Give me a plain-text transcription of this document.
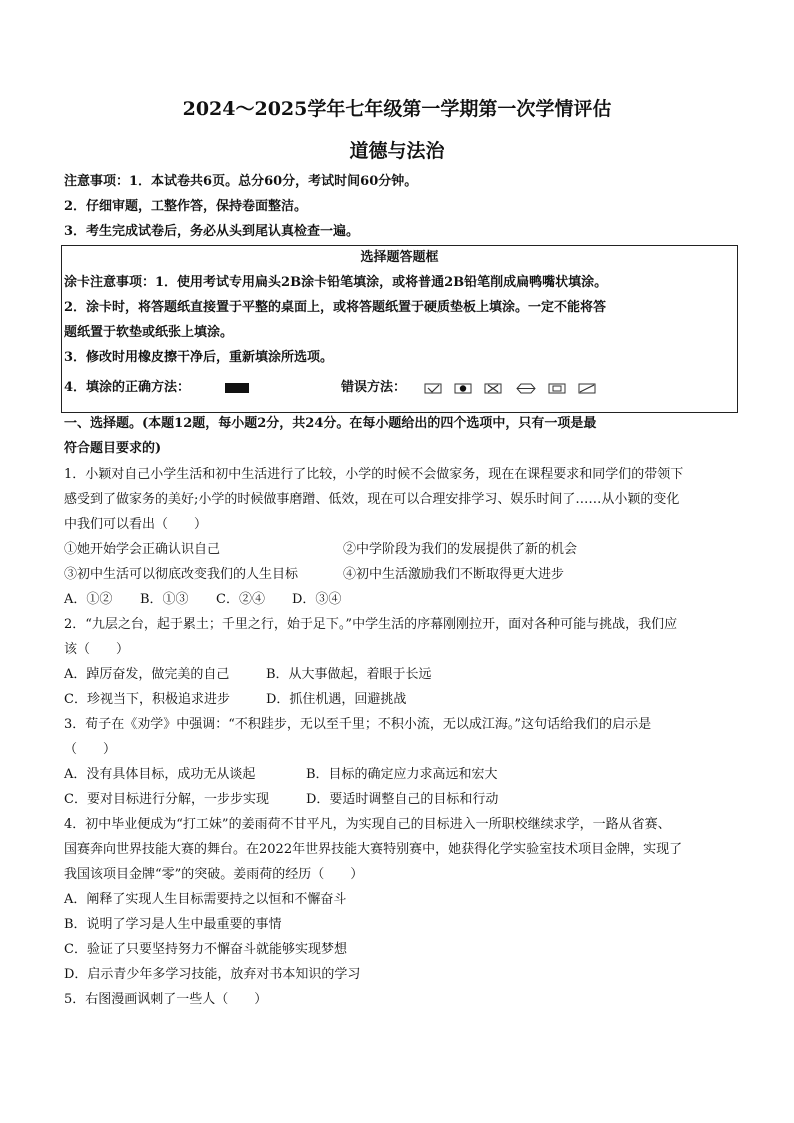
2024～2025学年七年级第一学期第一次学情评估
道德与法治
注意事项：1．本试卷共6页。总分60分，考试时间60分钟。
2．仔细审题，工整作答，保持卷面整洁。
3．考生完成试卷后，务必从头到尾认真检查一遍。
选择题答题框
涂卡注意事项：1．使用考试专用扁头2B涂卡铅笔填涂，或将普通2B铅笔削成扁鸭嘴状填涂。
2．涂卡时，将答题纸直接置于平整的桌面上，或将答题纸置于硬质垫板上填涂。一定不能将答
题纸置于软垫或纸张上填涂。
3．修改时用橡皮擦干净后，重新填涂所选项。
4．填涂的正确方法：	错误方法：
一、选择题。(本题12题，每小题2分，共24分。在每小题给出的四个选项中，只有一项是最
符合题目要求的)
1．小颖对自己小学生活和初中生活进行了比较，小学的时候不会做家务，现在在课程要求和同学们的带领下
感受到了做家务的美好;小学的时候做事磨蹭、低效，现在可以合理安排学习、娱乐时间了……从小颖的变化
中我们可以看出（　　）
①她开始学会正确认识自己	②中学阶段为我们的发展提供了新的机会
③初中生活可以彻底改变我们的人生目标	④初中生活激励我们不断取得更大进步
A．①② B．①③ C．②④ D．③④
2．“九层之台，起于累土；千里之行，始于足下。”中学生活的序幕刚刚拉开，面对各种可能与挑战，我们应
该（　　）
A．踔厉奋发，做完美的自己	B．从大事做起，着眼于长远
C．珍视当下，积极追求进步	D．抓住机遇，回避挑战
3．荀子在《劝学》中强调：“不积跬步，无以至千里；不积小流，无以成江海。”这句话给我们的启示是
（　　）
A．没有具体目标，成功无从谈起	B．目标的确定应力求高远和宏大
C．要对目标进行分解，一步步实现	D．要适时调整自己的目标和行动
4．初中毕业便成为“打工妹”的姜雨荷不甘平凡，为实现自己的目标进入一所职校继续求学，一路从省赛、
国赛奔向世界技能大赛的舞台。在2022年世界技能大赛特别赛中，她获得化学实验室技术项目金牌，实现了
我国该项目金牌“零”的突破。姜雨荷的经历（　　）
A．阐释了实现人生目标需要持之以恒和不懈奋斗
B．说明了学习是人生中最重要的事情
C．验证了只要坚持努力不懈奋斗就能够实现梦想
D．启示青少年多学习技能，放弃对书本知识的学习
5．右图漫画讽刺了一些人（　　）
